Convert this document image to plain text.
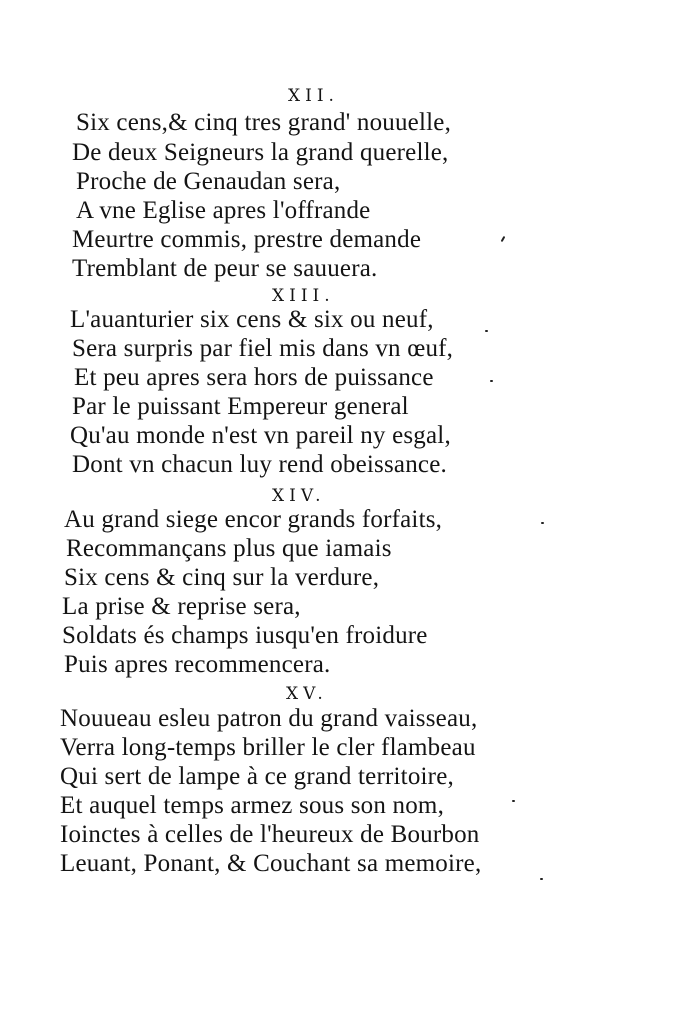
XII.
Six cens,& cinq tres grand' nouuelle,
De deux Seigneurs la grand querelle,
Proche de Genaudan sera,
A vne Eglise apres l'offrande
Meurtre commis, prestre demande
Tremblant de peur se sauuera.
XIII.
L'auanturier six cens & six ou neuf,
Sera surpris par fiel mis dans vn œuf,
Et peu apres sera hors de puissance
Par le puissant Empereur general
Qu'au monde n'est vn pareil ny esgal,
Dont vn chacun luy rend obeissance.
XIV.
Au grand siege encor grands forfaits,
Recommançans plus que iamais
Six cens & cinq sur la verdure,
La prise & reprise sera,
Soldats és champs iusqu'en froidure
Puis apres recommencera.
XV.
Nouueau esleu patron du grand vaisseau,
Verra long-temps briller le cler flambeau
Qui sert de lampe à ce grand territoire,
Et auquel temps armez sous son nom,
Ioinctes à celles de l'heureux de Bourbon
Leuant, Ponant, & Couchant sa memoire,
